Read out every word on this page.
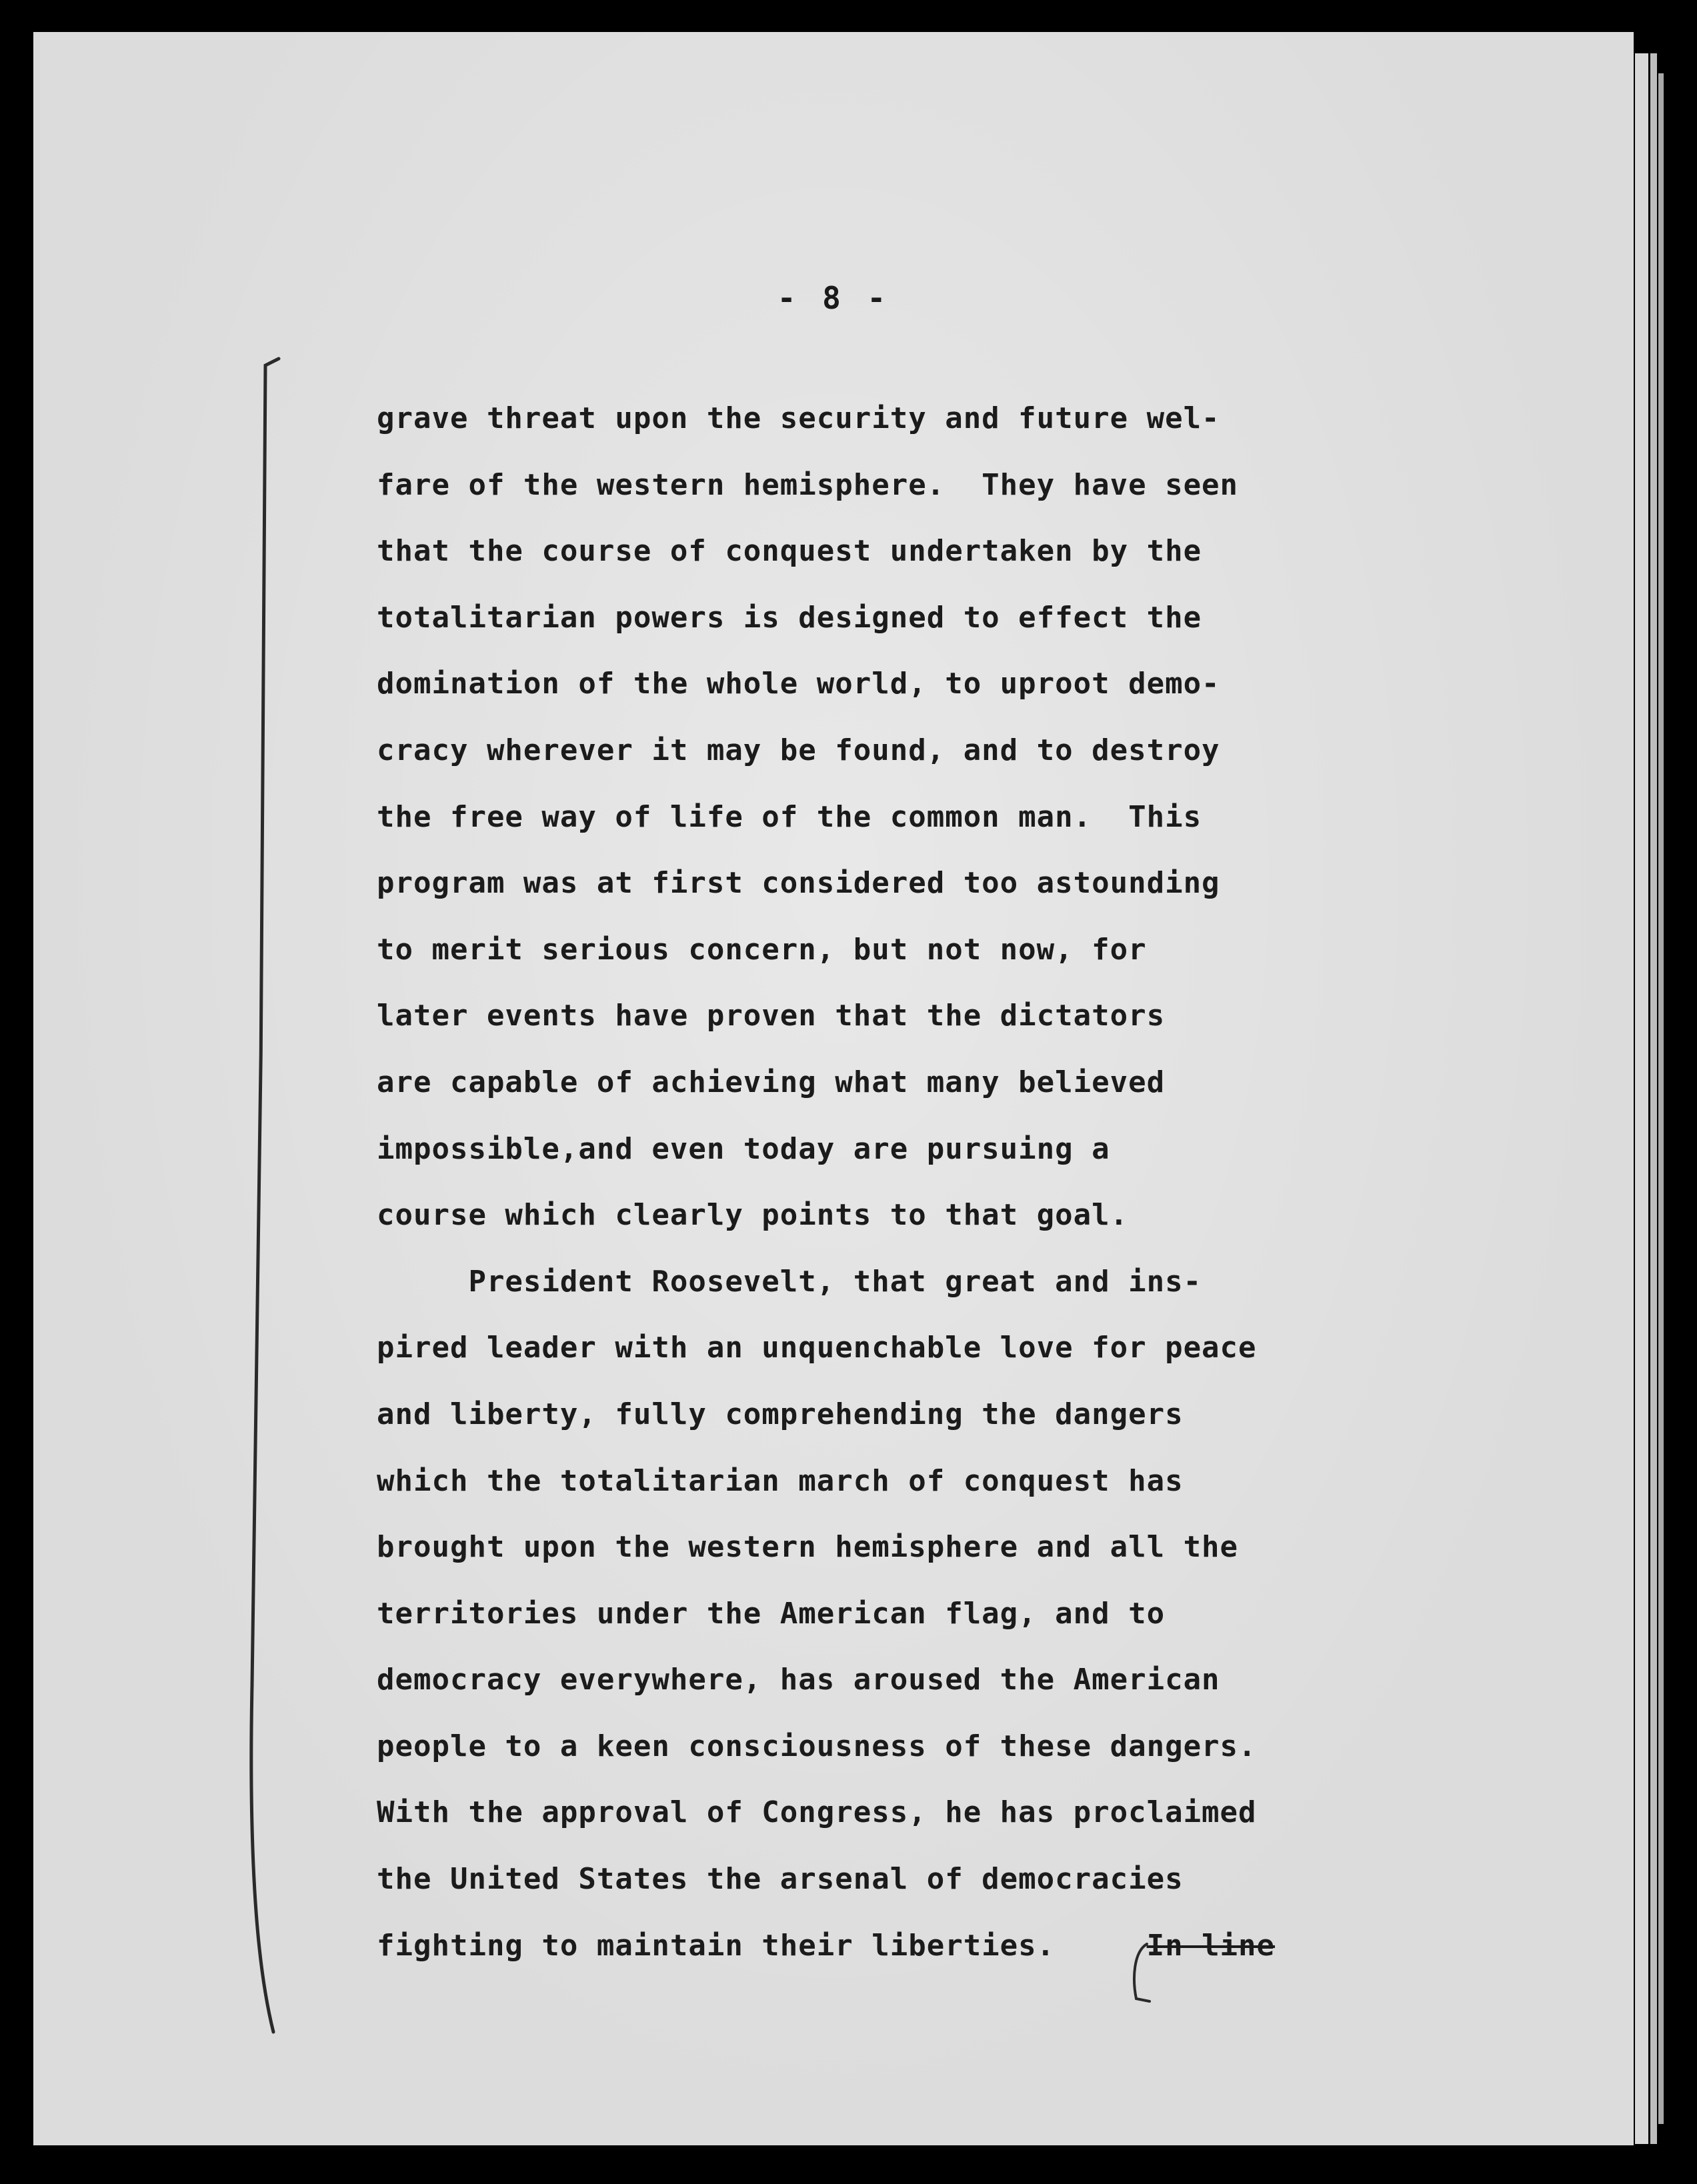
- 8 -
grave threat upon the security and future wel-
fare of the western hemisphere.  They have seen
that the course of conquest undertaken by the
totalitarian powers is designed to effect the
domination of the whole world, to uproot demo-
cracy wherever it may be found, and to destroy
the free way of life of the common man.  This
program was at first considered too astounding
to merit serious concern, but not now, for
later events have proven that the dictators
are capable of achieving what many believed
impossible,and even today are pursuing a
course which clearly points to that goal.
President Roosevelt, that great and ins-
pired leader with an unquenchable love for peace
and liberty, fully comprehending the dangers
which the totalitarian march of conquest has
brought upon the western hemisphere and all the
territories under the American flag, and to
democracy everywhere, has aroused the American
people to a keen consciousness of these dangers.
With the approval of Congress, he has proclaimed
the United States the arsenal of democracies
fighting to maintain their liberties.	In line
